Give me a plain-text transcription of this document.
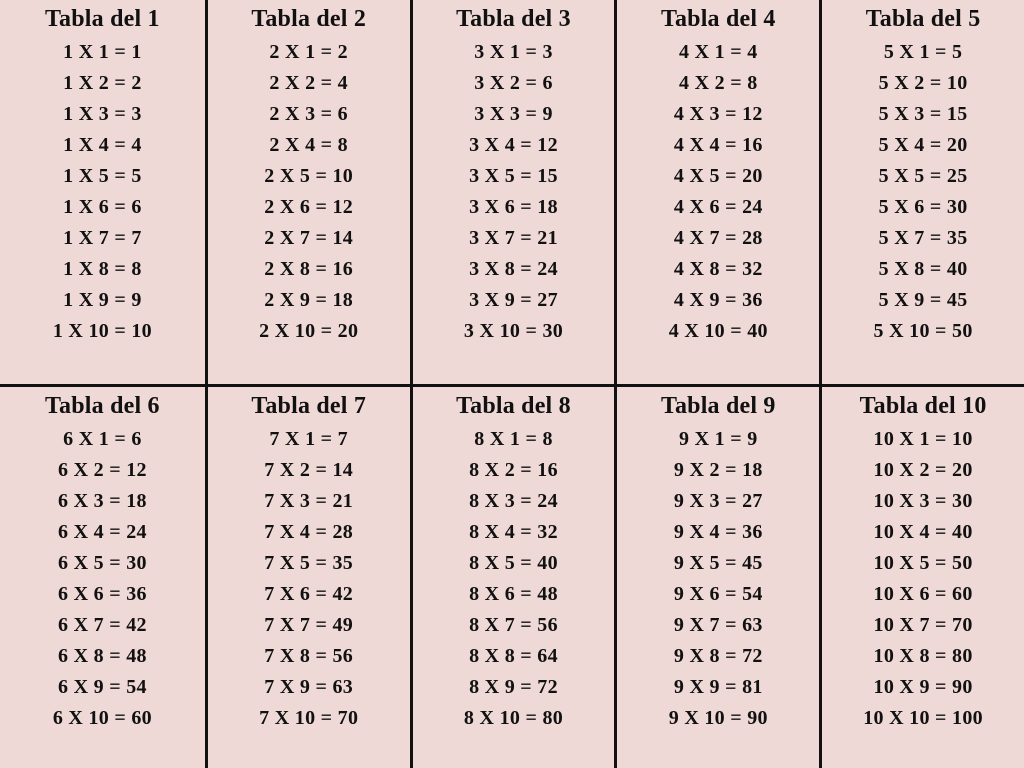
Tabla del 1
1 X 1 = 1
1 X 2 = 2
1 X 3 = 3
1 X 4 = 4
1 X 5 = 5
1 X 6 = 6
1 X 7 = 7
1 X 8 = 8
1 X 9 = 9
1 X 10 = 10
Tabla del 2
2 X 1 = 2
2 X 2 = 4
2 X 3 = 6
2 X 4 = 8
2 X 5 = 10
2 X 6 = 12
2 X 7 = 14
2 X 8 = 16
2 X 9 = 18
2 X 10 = 20
Tabla del 3
3 X 1 = 3
3 X 2 = 6
3 X 3 = 9
3 X 4 = 12
3 X 5 = 15
3 X 6 = 18
3 X 7 = 21
3 X 8 = 24
3 X 9 = 27
3 X 10 = 30
Tabla del 4
4 X 1 = 4
4 X 2 = 8
4 X 3 = 12
4 X 4 = 16
4 X 5 = 20
4 X 6 = 24
4 X 7 = 28
4 X 8 = 32
4 X 9 = 36
4 X 10 = 40
Tabla del 5
5 X 1 = 5
5 X 2 = 10
5 X 3 = 15
5 X 4 = 20
5 X 5 = 25
5 X 6 = 30
5 X 7 = 35
5 X 8 = 40
5 X 9 = 45
5 X 10 = 50
Tabla del 6
6 X 1 = 6
6 X 2 = 12
6 X 3 = 18
6 X 4 = 24
6 X 5 = 30
6 X 6 = 36
6 X 7 = 42
6 X 8 = 48
6 X 9 = 54
6 X 10 = 60
Tabla del 7
7 X 1 = 7
7 X 2 = 14
7 X 3 = 21
7 X 4 = 28
7 X 5 = 35
7 X 6 = 42
7 X 7 = 49
7 X 8 = 56
7 X 9 = 63
7 X 10 = 70
Tabla del 8
8 X 1 = 8
8 X 2 = 16
8 X 3 = 24
8 X 4 = 32
8 X 5 = 40
8 X 6 = 48
8 X 7 = 56
8 X 8 = 64
8 X 9 = 72
8 X 10 = 80
Tabla del 9
9 X 1 = 9
9 X 2 = 18
9 X 3 = 27
9 X 4 = 36
9 X 5 = 45
9 X 6 = 54
9 X 7 = 63
9 X 8 = 72
9 X 9 = 81
9 X 10 = 90
Tabla del 10
10 X 1 = 10
10 X 2 = 20
10 X 3 = 30
10 X 4 = 40
10 X 5 = 50
10 X 6 = 60
10 X 7 = 70
10 X 8 = 80
10 X 9 = 90
10 X 10 = 100
